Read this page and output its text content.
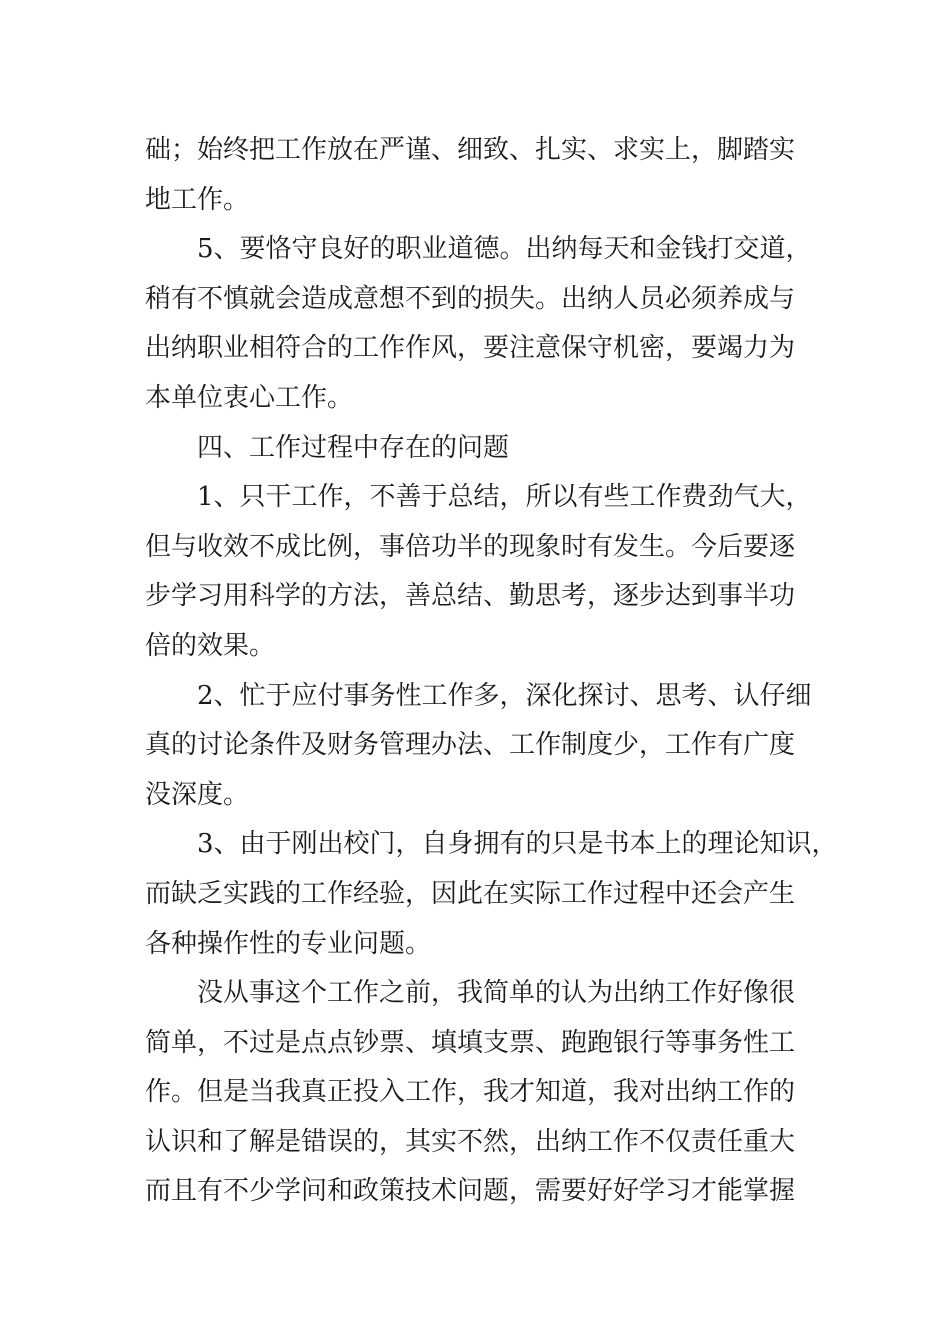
础；始终把工作放在严谨、细致、扎实、求实上，脚踏实
地工作。
5、要恪守良好的职业道德。出纳每天和金钱打交道，
稍有不慎就会造成意想不到的损失。出纳人员必须养成与
出纳职业相符合的工作作风，要注意保守机密，要竭力为
本单位衷心工作。
四、工作过程中存在的问题
1、只干工作，不善于总结，所以有些工作费劲气大，
但与收效不成比例，事倍功半的现象时有发生。今后要逐
步学习用科学的方法，善总结、勤思考，逐步达到事半功
倍的效果。
2、忙于应付事务性工作多，深化探讨、思考、认仔细
真的讨论条件及财务管理办法、工作制度少，工作有广度
没深度。
3、由于刚出校门，自身拥有的只是书本上的理论知识，
而缺乏实践的工作经验，因此在实际工作过程中还会产生
各种操作性的专业问题。
没从事这个工作之前，我简单的认为出纳工作好像很
简单，不过是点点钞票、填填支票、跑跑银行等事务性工
作。但是当我真正投入工作，我才知道，我对出纳工作的
认识和了解是错误的，其实不然，出纳工作不仅责任重大
而且有不少学问和政策技术问题，需要好好学习才能掌握
